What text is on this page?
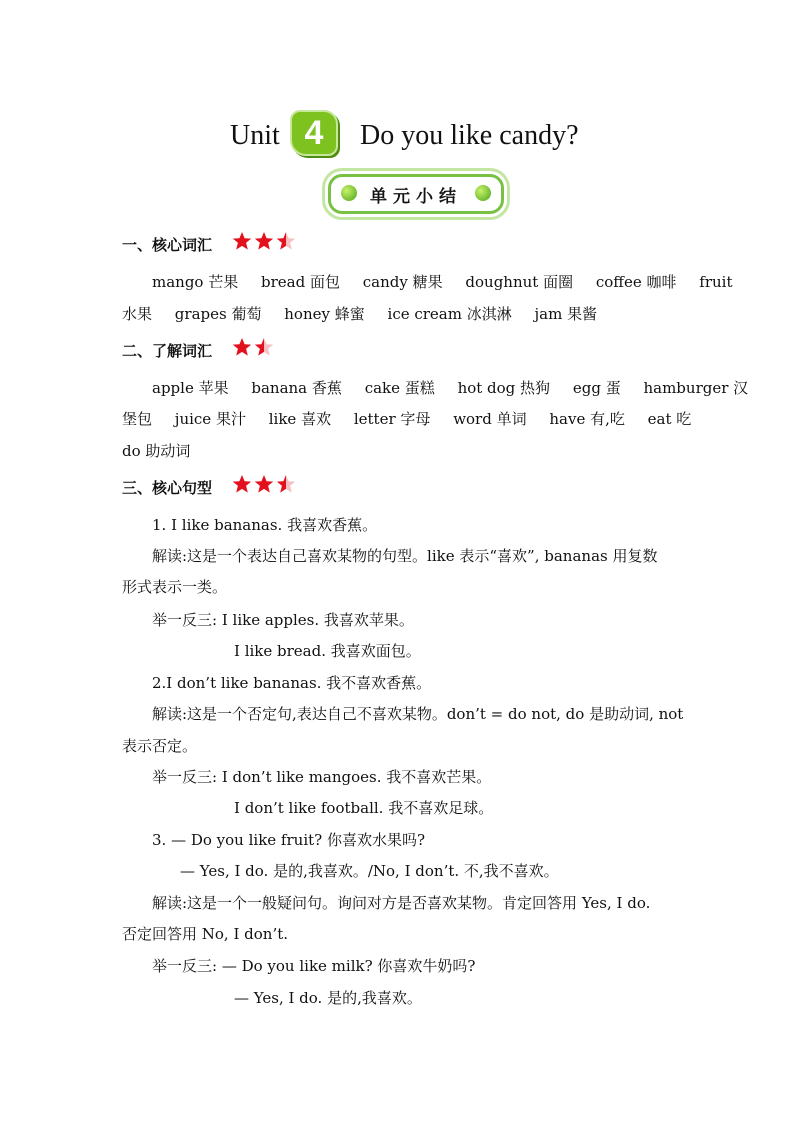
Unit 4	Do you like candy?
单元小结
一、核心词汇
mango 芒果 bread 面包 candy 糖果 doughnut 面圈 coffee 咖啡 fruit
水果 grapes 葡萄 honey 蜂蜜 ice cream 冰淇淋 jam 果酱
二、了解词汇
apple 苹果 banana 香蕉 cake 蛋糕 hot dog 热狗 egg 蛋 hamburger 汉
堡包 juice 果汁 like 喜欢 letter 字母 word 单词 have 有,吃 eat 吃
do 助动词
三、核心句型
1. I like bananas. 我喜欢香蕉。
解读:这是一个表达自己喜欢某物的句型。like 表示“喜欢”, bananas 用复数
形式表示一类。
举一反三: I like apples. 我喜欢苹果。
I like bread. 我喜欢面包。
2.I don’t like bananas. 我不喜欢香蕉。
解读:这是一个否定句,表达自己不喜欢某物。don’t = do not, do 是助动词, not
表示否定。
举一反三: I don’t like mangoes. 我不喜欢芒果。
I don’t like football. 我不喜欢足球。
3. — Do you like fruit? 你喜欢水果吗?
— Yes, I do. 是的,我喜欢。/No, I don’t. 不,我不喜欢。
解读:这是一个一般疑问句。询问对方是否喜欢某物。肯定回答用 Yes, I do.
否定回答用 No, I don’t.
举一反三: — Do you like milk? 你喜欢牛奶吗?
— Yes, I do. 是的,我喜欢。
